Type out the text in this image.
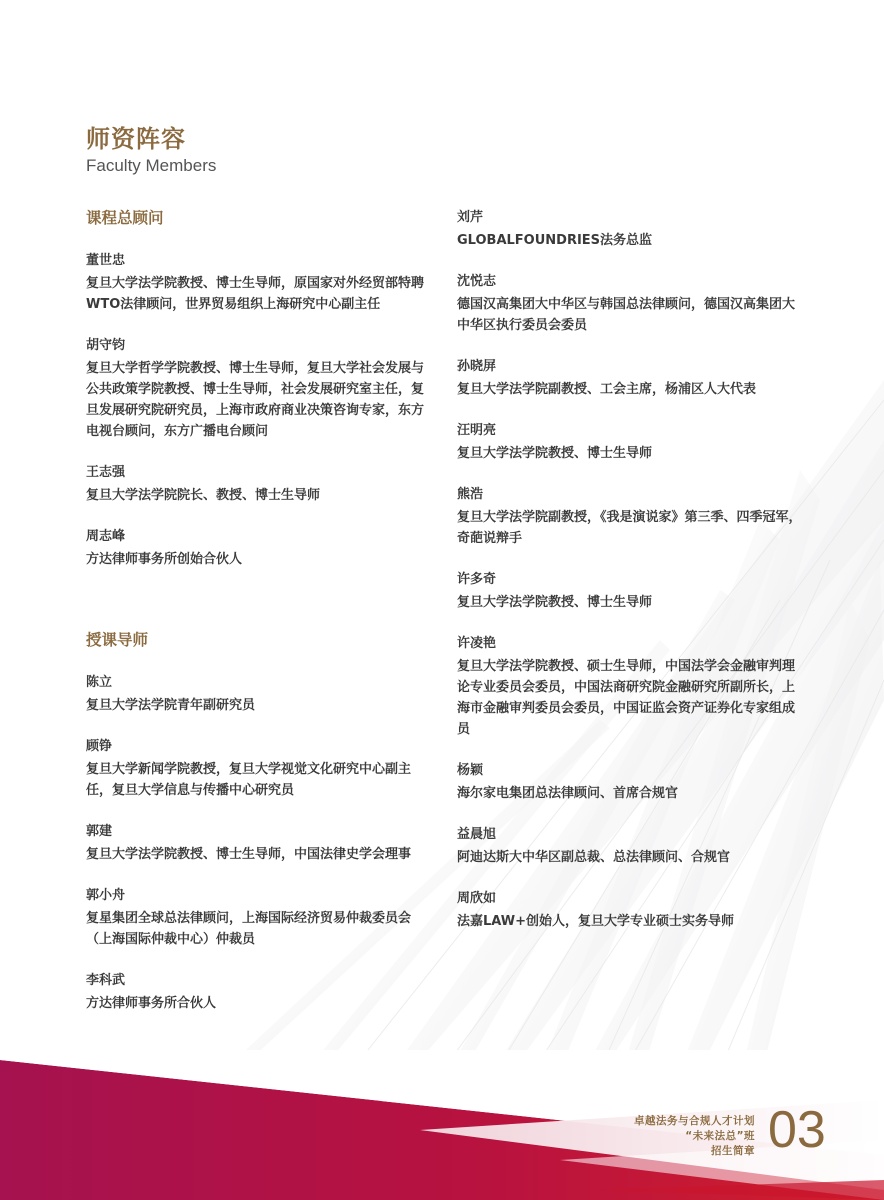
师资阵容
Faculty Members
课程总顾问
董世忠
复旦大学法学院教授、博士生导师，原国家对外经贸部特聘WTO法律顾问，世界贸易组织上海研究中心副主任
胡守钧
复旦大学哲学学院教授、博士生导师，复旦大学社会发展与公共政策学院教授、博士生导师，社会发展研究室主任，复旦发展研究院研究员，上海市政府商业决策咨询专家，东方电视台顾问，东方广播电台顾问
王志强
复旦大学法学院院长、教授、博士生导师
周志峰
方达律师事务所创始合伙人
授课导师
陈立
复旦大学法学院青年副研究员
顾铮
复旦大学新闻学院教授，复旦大学视觉文化研究中心副主任，复旦大学信息与传播中心研究员
郭建
复旦大学法学院教授、博士生导师，中国法律史学会理事
郭小舟
复星集团全球总法律顾问，上海国际经济贸易仲裁委员会（上海国际仲裁中心）仲裁员
李科武
方达律师事务所合伙人
刘芹
GLOBALFOUNDRIES法务总监
沈悦志
德国汉高集团大中华区与韩国总法律顾问，德国汉高集团大中华区执行委员会委员
孙晓屏
复旦大学法学院副教授、工会主席，杨浦区人大代表
汪明亮
复旦大学法学院教授、博士生导师
熊浩
复旦大学法学院副教授，《我是演说家》第三季、四季冠军，奇葩说辩手
许多奇
复旦大学法学院教授、博士生导师
许凌艳
复旦大学法学院教授、硕士生导师，中国法学会金融审判理论专业委员会委员，中国法商研究院金融研究所副所长，上海市金融审判委员会委员，中国证监会资产证券化专家组成员
杨颖
海尔家电集团总法律顾问、首席合规官
益晨旭
阿迪达斯大中华区副总裁、总法律顾问、合规官
周欣如
法嘉LAW+创始人，复旦大学专业硕士实务导师
卓越法务与合规人才计划
“未来法总”班
招生简章 03
